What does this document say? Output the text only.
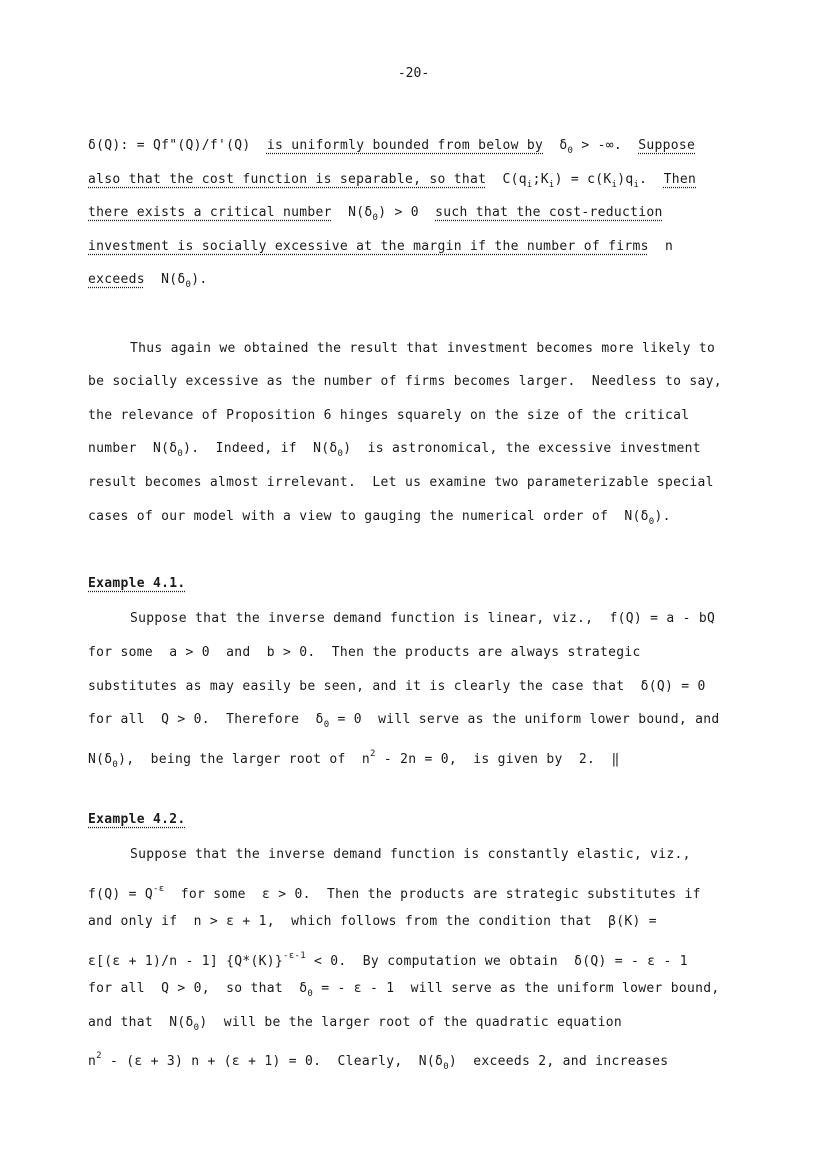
-20-
δ(Q): = Qf"(Q)/f'(Q) is uniformly bounded from below by $\delta_0$ > -∞. Suppose
also that the cost function is separable, so that $C(q_i;K_i) = c(K_i)q_i$. Then
there exists a critical number $N(\delta_0) > 0$ such that the cost-reduction
investment is socially excessive at the margin if the number of firms n
exceeds $N(\delta_0)$.
Thus again we obtained the result that investment becomes more likely to
be socially excessive as the number of firms becomes larger.  Needless to say,
the relevance of Proposition 6 hinges squarely on the size of the critical
number  $N(\delta_0)$.  Indeed, if  $N(\delta_0)$  is astronomical, the excessive investment
result becomes almost irrelevant.  Let us examine two parameterizable special
cases of our model with a view to gauging the numerical order of  $N(\delta_0)$.
Example 4.1.
Suppose that the inverse demand function is linear, viz.,  f(Q) = a - bQ
for some  a > 0  and  b > 0.  Then the products are always strategic
substitutes as may easily be seen, and it is clearly the case that  δ(Q) = 0
for all  Q > 0.  Therefore  $\delta_0 = 0$  will serve as the uniform lower bound, and
$N(\delta_0)$,  being the larger root of  $n^2 - 2n = 0$,  is given by  2.  ‖
Example 4.2.
Suppose that the inverse demand function is constantly elastic, viz.,
$f(Q) = Q^{-\varepsilon}$  for some  ε > 0.  Then the products are strategic substitutes if
and only if  n > ε + 1,  which follows from the condition that  β(K) =
ε[(ε + 1)/n - 1] $\{Q*(K)\}^{-\varepsilon-1} < 0$.  By computation we obtain  δ(Q) = - ε - 1
for all  Q > 0,  so that  $\delta_0$ = - ε - 1  will serve as the uniform lower bound,
and that  $N(\delta_0)$  will be the larger root of the quadratic equation
$n^2 - (\varepsilon + 3) n + (\varepsilon + 1) = 0$.  Clearly,  $N(\delta_0)$  exceeds 2, and increases
